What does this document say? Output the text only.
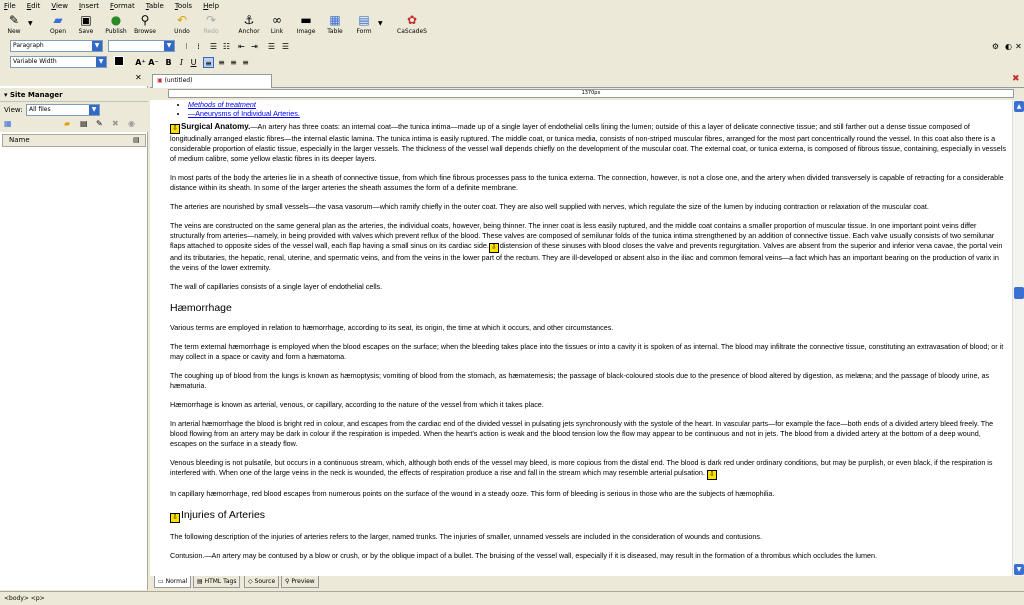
File Edit View Insert Format Table Tools Help
✎
New
▼ ▰
Open
▣
Save
●
Publish
⚲
Browse
↶
Undo
↷
Redo
⚓
Anchor
∞
Link
▬
Image
▦
Table
▤
Form
▼ ✿
CaScadeS
Paragraph	▼	▼	⁝	⁞	☰ ☷ ⇤ ⇥ ☰ ☰
Variable Width	▼	A⁺ A⁻ B	I U	≡ ≡ ≡ ≡
⚙ ◐ ✕
✕
▾ Site Manager
View:	All files	▼
▦	▰ ▤ ✎ ✖ ◉
Name	▤
▣ (untitled)	✖
1370px
• Methods of treatment
• —Aneurysms of Individual Arteries.

⇩ Surgical Anatomy.—An artery has three coats: an internal coat—the tunica intima—made up of a single layer of endothelial cells lining the lumen; outside of this a layer of delicate connective tissue; and still farther out a dense tissue composed of longitudinally arranged elastic fibres—the internal elastic lamina. The tunica intima is easily ruptured. The middle coat, or tunica media, consists of non-striped muscular fibres, arranged for the most part concentrically round the vessel. In this coat also there is a considerable proportion of elastic tissue, especially in the larger vessels. The thickness of the vessel wall depends chiefly on the development of the muscular coat. The external coat, or tunica externa, is composed of fibrous tissue, containing, especially in vessels of medium calibre, some yellow elastic fibres in its deeper layers.

In most parts of the body the arteries lie in a sheath of connective tissue, from which fine fibrous processes pass to the tunica externa. The connection, however, is not a close one, and the artery when divided transversely is capable of retracting for a considerable distance within its sheath. In some of the larger arteries the sheath assumes the form of a definite membrane.

The arteries are nourished by small vessels—the vasa vasorum—which ramify chiefly in the outer coat. They are also well supplied with nerves, which regulate the size of the lumen by inducing contraction or relaxation of the muscular coat.

The veins are constructed on the same general plan as the arteries, the individual coats, however, being thinner. The inner coat is less easily ruptured, and the middle coat contains a smaller proportion of muscular tissue. In one important point veins differ structurally from arteries—namely, in being provided with valves which prevent reflux of the blood. These valves are composed of semilunar folds of the tunica intima strengthened by an addition of connective tissue. Each valve usually consists of two semilunar flaps attached to opposite sides of the vessel wall, each flap having a small sinus on its cardiac side. ⇩ distension of these sinuses with blood closes the valve and prevents regurgitation. Valves are absent from the superior and inferior vena cavae, the portal vein and its tributaries, the hepatic, renal, uterine, and spermatic veins, and from the veins in the lower part of the rectum. They are ill-developed or absent also in the iliac and common femoral veins—a fact which has an important bearing on the production of varix in the veins of the lower extremity.

The wall of capillaries consists of a single layer of endothelial cells.

Hæmorrhage

Various terms are employed in relation to hæmorrhage, according to its seat, its origin, the time at which it occurs, and other circumstances.

The term external hæmorrhage is employed when the blood escapes on the surface; when the bleeding takes place into the tissues or into a cavity it is spoken of as internal. The blood may infiltrate the connective tissue, constituting an extravasation of blood; or it may collect in a space or cavity and form a hæmatoma.

The coughing up of blood from the lungs is known as hæmoptysis; vomiting of blood from the stomach, as hæmatemesis; the passage of black-coloured stools due to the presence of blood altered by digestion, as melæna; and the passage of bloody urine, as hæmaturia.

Hæmorrhage is known as arterial, venous, or capillary, according to the nature of the vessel from which it takes place.

In arterial hæmorrhage the blood is bright red in colour, and escapes from the cardiac end of the divided vessel in pulsating jets synchronously with the systole of the heart. In vascular parts—for example the face—both ends of a divided artery bleed freely. The blood flowing from an artery may be dark in colour if the respiration is impeded. When the heart's action is weak and the blood tension low the flow may appear to be continuous and not in jets. The blood from a divided artery at the bottom of a deep wound, escapes on the surface in a steady flow.

Venous bleeding is not pulsatile, but occurs in a continuous stream, which, although both ends of the vessel may bleed, is more copious from the distal end. The blood is dark red under ordinary conditions, but may be purplish, or even black, if the respiration is interfered with. When one of the large veins in the neck is wounded, the effects of respiration produce a rise and fall in the stream which may resemble arterial pulsation. ⇩

In capillary hæmorrhage, red blood escapes from numerous points on the surface of the wound in a steady ooze. This form of bleeding is serious in those who are the subjects of hæmophilia.

⇩ Injuries of Arteries

The following description of the injuries of arteries refers to the larger, named trunks. The injuries of smaller, unnamed vessels are included in the consideration of wounds and contusions.

Contusion.—An artery may be contused by a blow or crush, or by the oblique impact of a bullet. The bruising of the vessel wall, especially if it is diseased, may result in the formation of a thrombus which occludes the lumen.

▲
▼
▭ Normal	▤ HTML Tags	◇ Source	⚲ Preview
<body> <p>
